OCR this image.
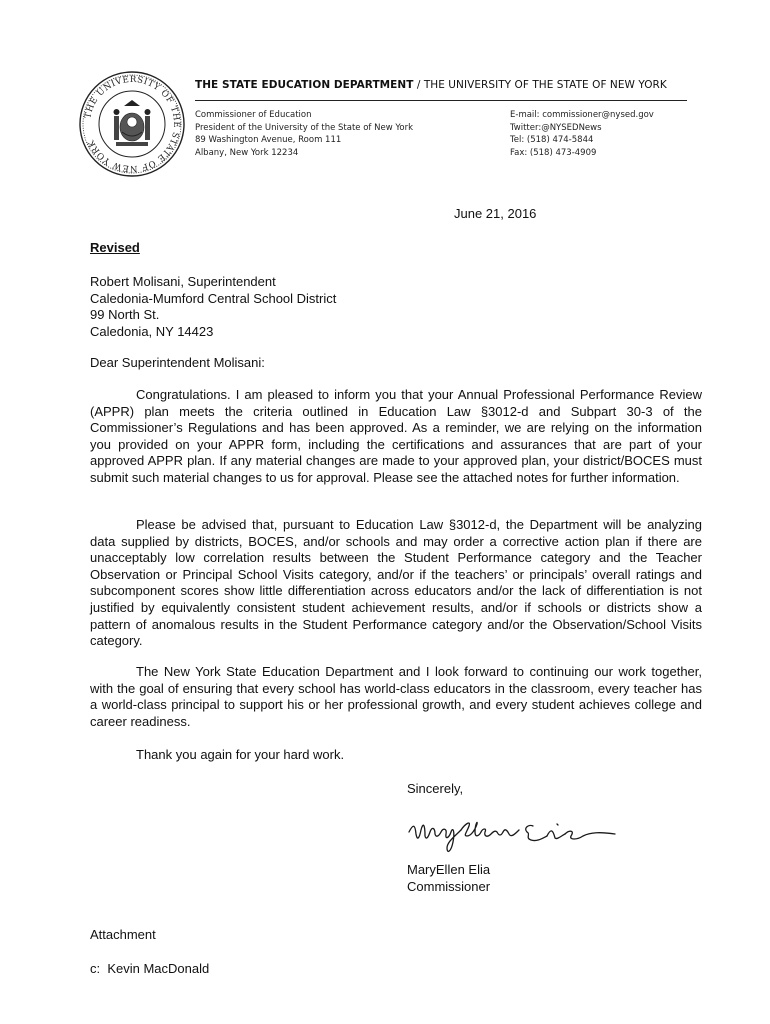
THE UNIVERSITY OF THE STATE OF NEW YORK
THE STATE EDUCATION DEPARTMENT / THE UNIVERSITY OF THE STATE OF NEW YORK
Commissioner of Education
President of the University of the State of New York
89 Washington Avenue, Room 111
Albany, New York 12234
E-mail: commissioner@nysed.gov
Twitter:@NYSEDNews
Tel: (518) 474-5844
Fax: (518) 473-4909
June 21, 2016
Revised
Robert Molisani, Superintendent
Caledonia-Mumford Central School District
99 North St.
Caledonia, NY 14423
Dear Superintendent Molisani:

Congratulations. I am pleased to inform you that your Annual Professional Performance Review (APPR) plan meets the criteria outlined in Education Law §3012-d and Subpart 30-3 of the Commissioner’s Regulations and has been approved. As a reminder, we are relying on the information you provided on your APPR form, including the certifications and assurances that are part of your approved APPR plan. If any material changes are made to your approved plan, your district/BOCES must submit such material changes to us for approval. Please see the attached notes for further information.

Please be advised that, pursuant to Education Law §3012-d, the Department will be analyzing data supplied by districts, BOCES, and/or schools and may order a corrective action plan if there are unacceptably low correlation results between the Student Performance category and the Teacher Observation or Principal School Visits category, and/or if the teachers’ or principals’ overall ratings and subcomponent scores show little differentiation across educators and/or the lack of differentiation is not justified by equivalently consistent student achievement results, and/or if schools or districts show a pattern of anomalous results in the Student Performance category and/or the Observation/School Visits category.

The New York State Education Department and I look forward to continuing our work together, with the goal of ensuring that every school has world-class educators in the classroom, every teacher has a world-class principal to support his or her professional growth, and every student achieves college and career readiness.

Thank you again for your hard work.
Sincerely,
MaryEllen Elia
Commissioner
Attachment
c:  Kevin MacDonald
